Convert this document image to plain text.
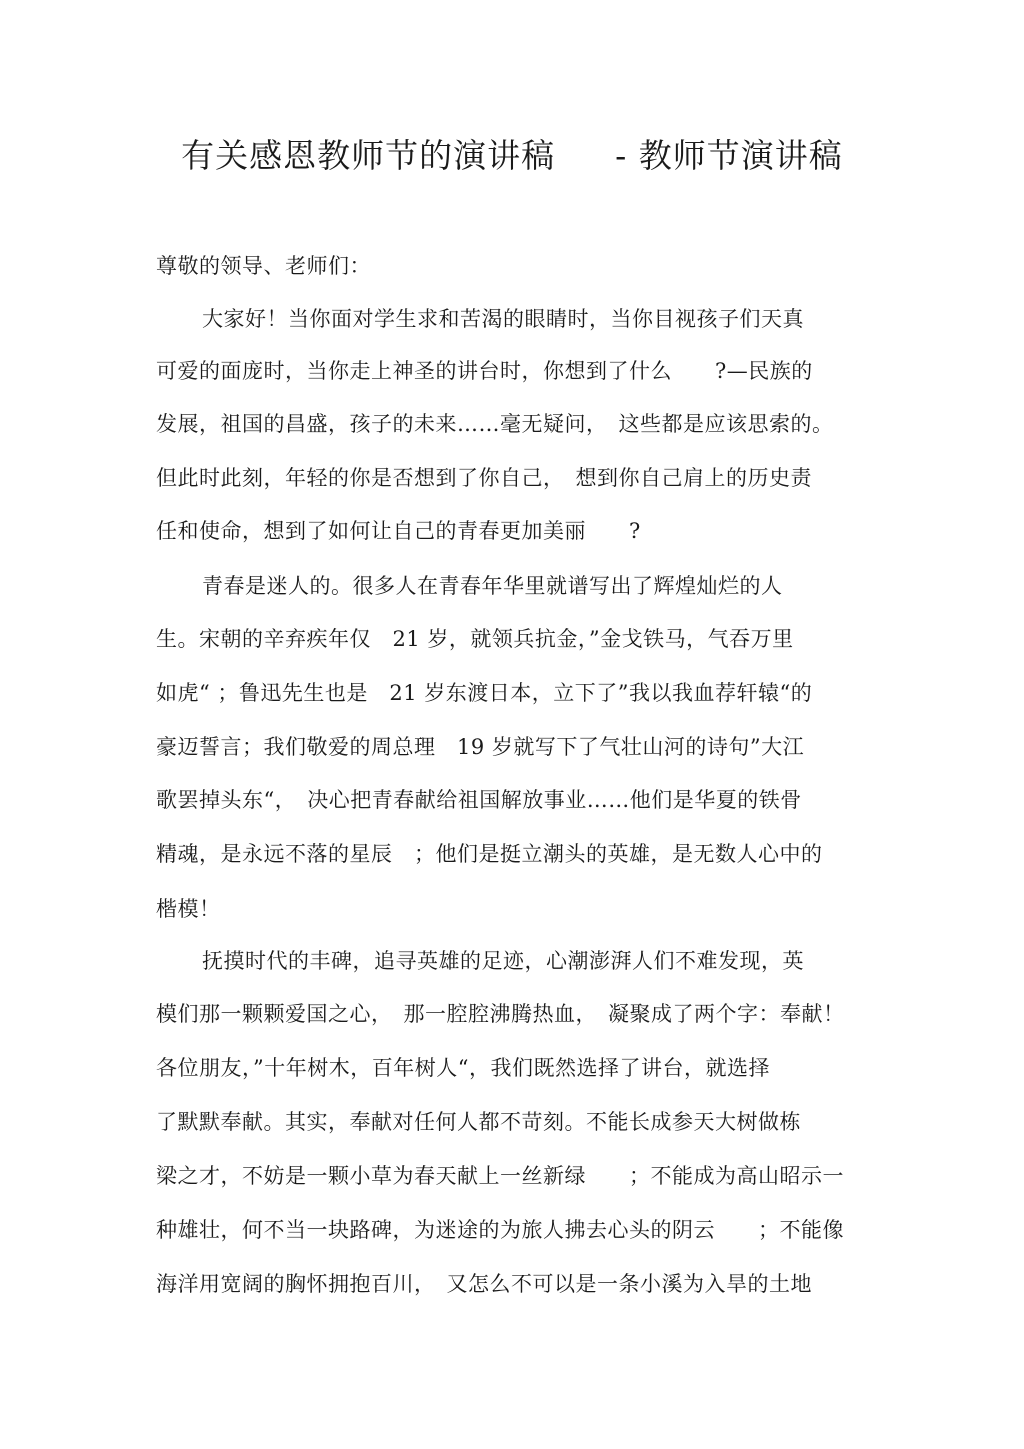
有关感恩教师节的演讲稿 - 教师节演讲稿
尊敬的领导、老师们：
大家好！当你面对学生求和苦渴的眼睛时，当你目视孩子们天真
可爱的面庞时，当你走上神圣的讲台时，你想到了什么　　?—民族的
发展，祖国的昌盛，孩子的未来……毫无疑问，　这些都是应该思索的。
但此时此刻，年轻的你是否想到了你自己，　想到你自己肩上的历史责
任和使命，想到了如何让自己的青春更加美丽　　?
青春是迷人的。很多人在青春年华里就谱写出了辉煌灿烂的人
生。宋朝的辛弃疾年仅　21 岁，就领兵抗金，”金戈铁马，气吞万里
如虎“ ；鲁迅先生也是　21 岁东渡日本，立下了”我以我血荐轩辕“的
豪迈誓言；我们敬爱的周总理　19 岁就写下了气壮山河的诗句”大江
歌罢掉头东“，　决心把青春献给祖国解放事业……他们是华夏的铁骨
精魂，是永远不落的星辰　；他们是挺立潮头的英雄，是无数人心中的
楷模！
抚摸时代的丰碑，追寻英雄的足迹，心潮澎湃人们不难发现，英
模们那一颗颗爱国之心，　那一腔腔沸腾热血，　凝聚成了两个字：奉献！
各位朋友，”十年树木，百年树人“，我们既然选择了讲台，就选择
了默默奉献。其实，奉献对任何人都不苛刻。不能长成参天大树做栋
梁之才，不妨是一颗小草为春天献上一丝新绿　　；不能成为高山昭示一
种雄壮，何不当一块路碑，为迷途的为旅人拂去心头的阴云　　；不能像
海洋用宽阔的胸怀拥抱百川，　又怎么不可以是一条小溪为入旱的土地
